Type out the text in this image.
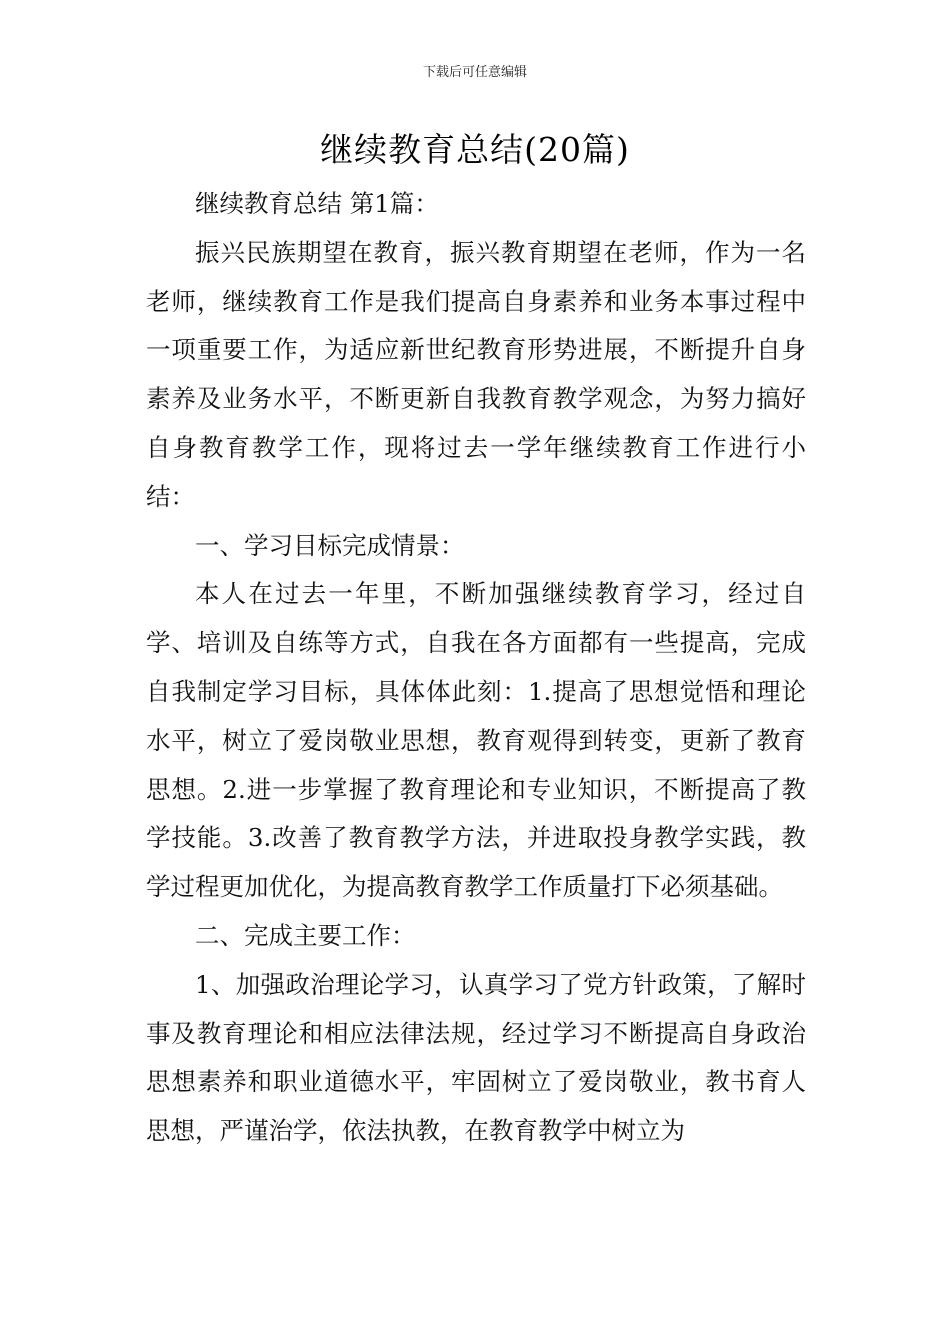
下载后可任意编辑
继续教育总结(20篇)

继续教育总结 第1篇：

振兴民族期望在教育，振兴教育期望在老师，作为一名老师，继续教育工作是我们提高自身素养和业务本事过程中一项重要工作，为适应新世纪教育形势进展，不断提升自身素养及业务水平，不断更新自我教育教学观念，为努力搞好自身教育教学工作，现将过去一学年继续教育工作进行小结：

一、学习目标完成情景：

本人在过去一年里，不断加强继续教育学习，经过自学、培训及自练等方式，自我在各方面都有一些提高，完成自我制定学习目标，具体体此刻：1.提高了思想觉悟和理论水平，树立了爱岗敬业思想，教育观得到转变，更新了教育思想。2.进一步掌握了教育理论和专业知识，不断提高了教学技能。3.改善了教育教学方法，并进取投身教学实践，教学过程更加优化，为提高教育教学工作质量打下必须基础。

二、完成主要工作：

1、加强政治理论学习，认真学习了党方针政策，了解时事及教育理论和相应法律法规，经过学习不断提高自身政治思想素养和职业道德水平，牢固树立了爱岗敬业，教书育人思想，严谨治学，依法执教，在教育教学中树立为
